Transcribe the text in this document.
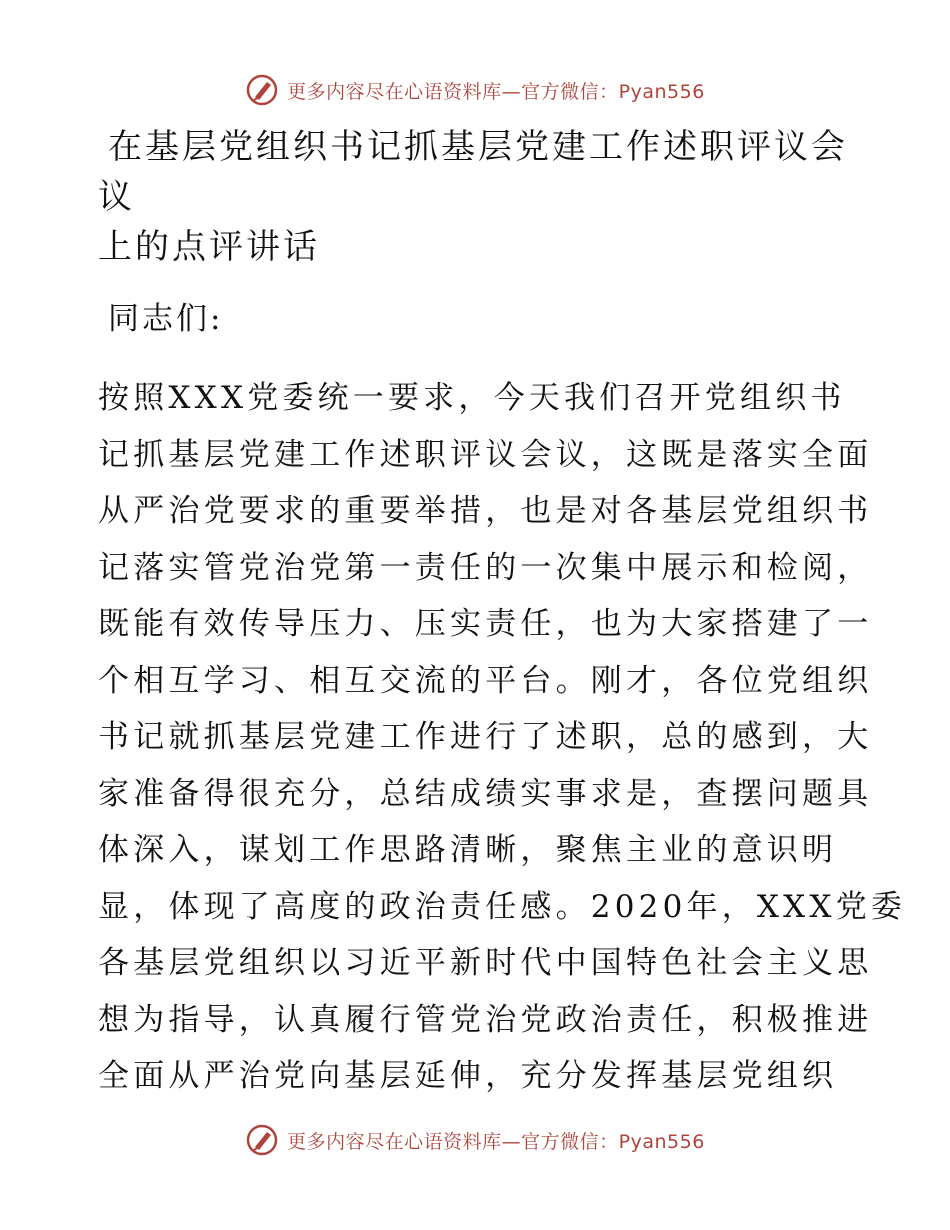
更多内容尽在心语资料库—官方微信：Pyan556
在基层党组织书记抓基层党建工作述职评议会议
上的点评讲话

同志们:

按照XXX党委统一要求，今天我们召开党组织书

记抓基层党建工作述职评议会议，这既是落实全面

从严治党要求的重要举措，也是对各基层党组织书

记落实管党治党第一责任的一次集中展示和检阅，

既能有效传导压力、压实责任，也为大家搭建了一

个相互学习、相互交流的平台。刚才，各位党组织

书记就抓基层党建工作进行了述职，总的感到，大

家准备得很充分，总结成绩实事求是，查摆问题具

体深入，谋划工作思路清晰，聚焦主业的意识明

显，体现了高度的政治责任感。2020年，XXX党委

各基层党组织以习近平新时代中国特色社会主义思

想为指导，认真履行管党治党政治责任，积极推进

全面从严治党向基层延伸，充分发挥基层党组织

更多内容尽在心语资料库—官方微信：Pyan556
